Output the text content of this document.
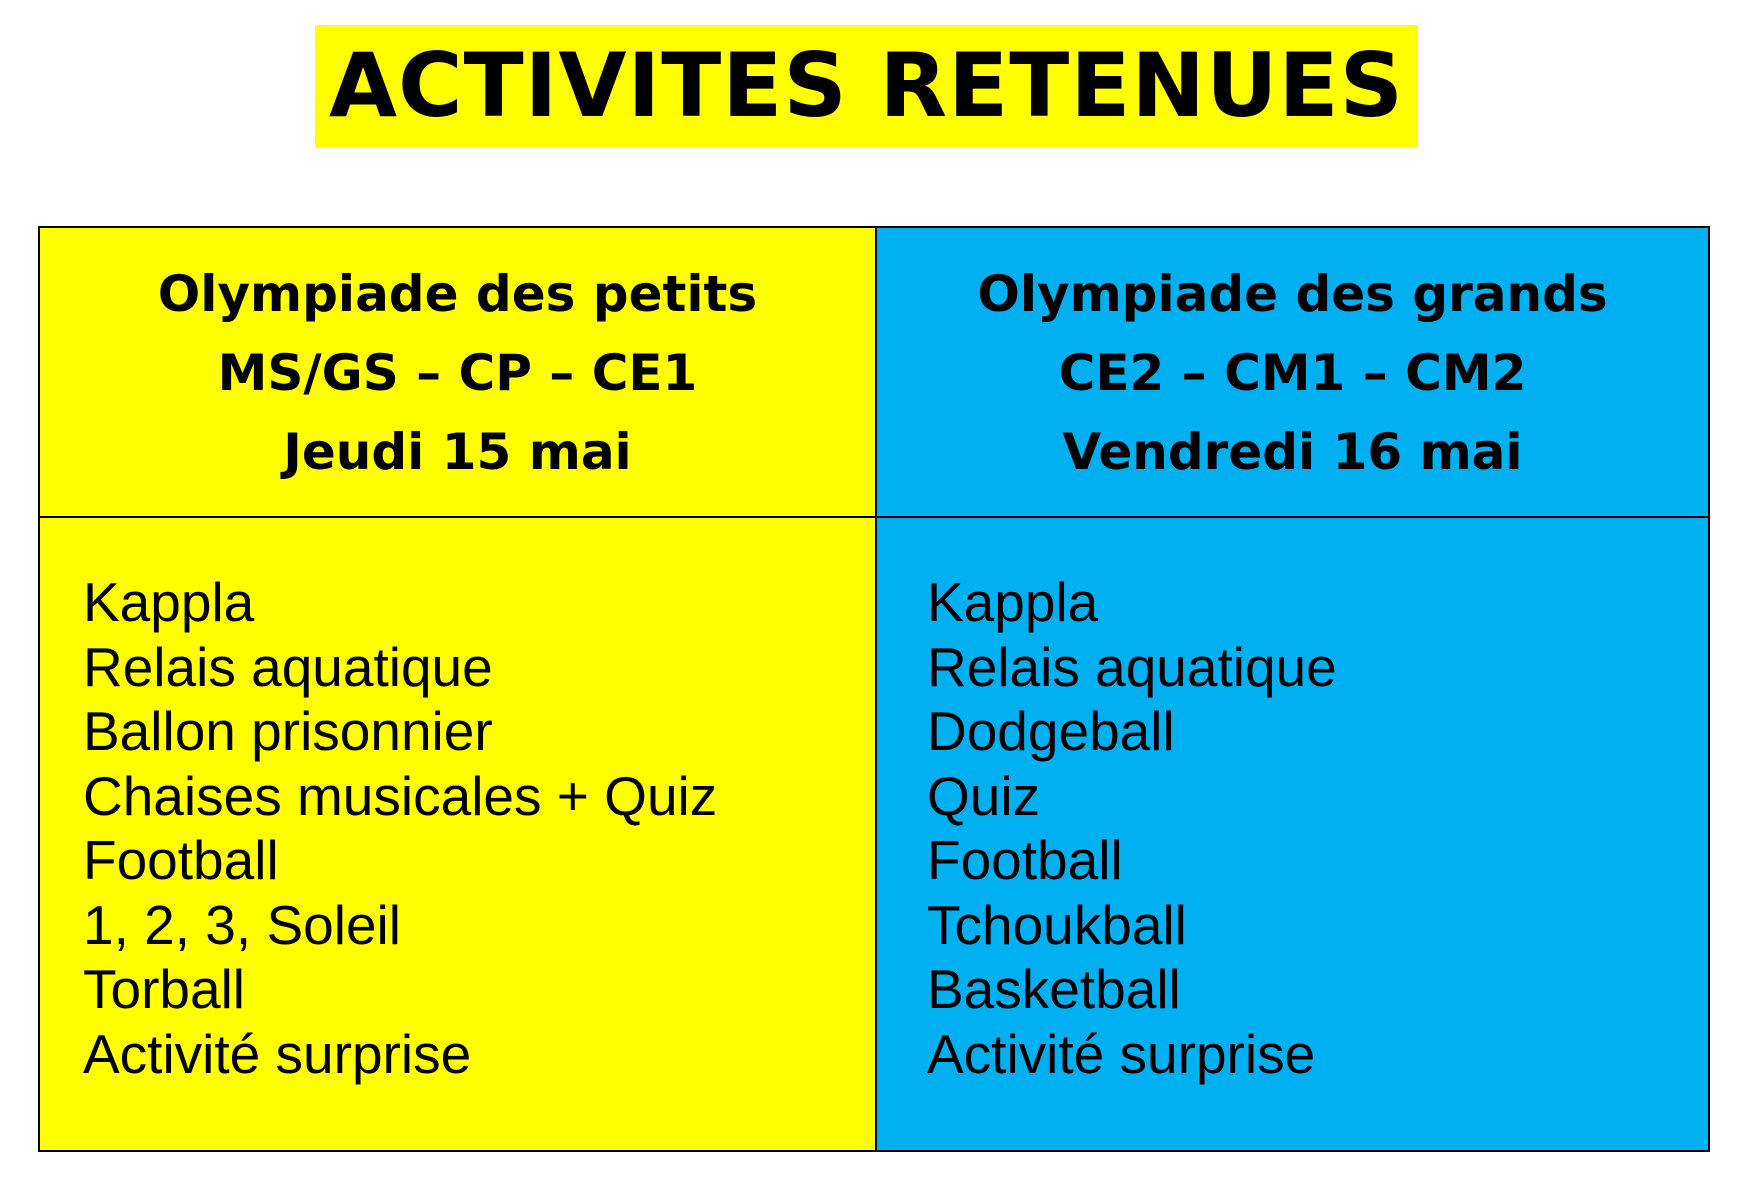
ACTIVITES RETENUES
Olympiade des petits
MS/GS – CP – CE1
Jeudi 15 mai
Olympiade des grands
CE2 – CM1 – CM2
Vendredi 16 mai
Kappla
Relais aquatique
Ballon prisonnier
Chaises musicales + Quiz
Football
1, 2, 3, Soleil
Torball
Activité surprise
Kappla
Relais aquatique
Dodgeball
Quiz
Football
Tchoukball
Basketball
Activité surprise
